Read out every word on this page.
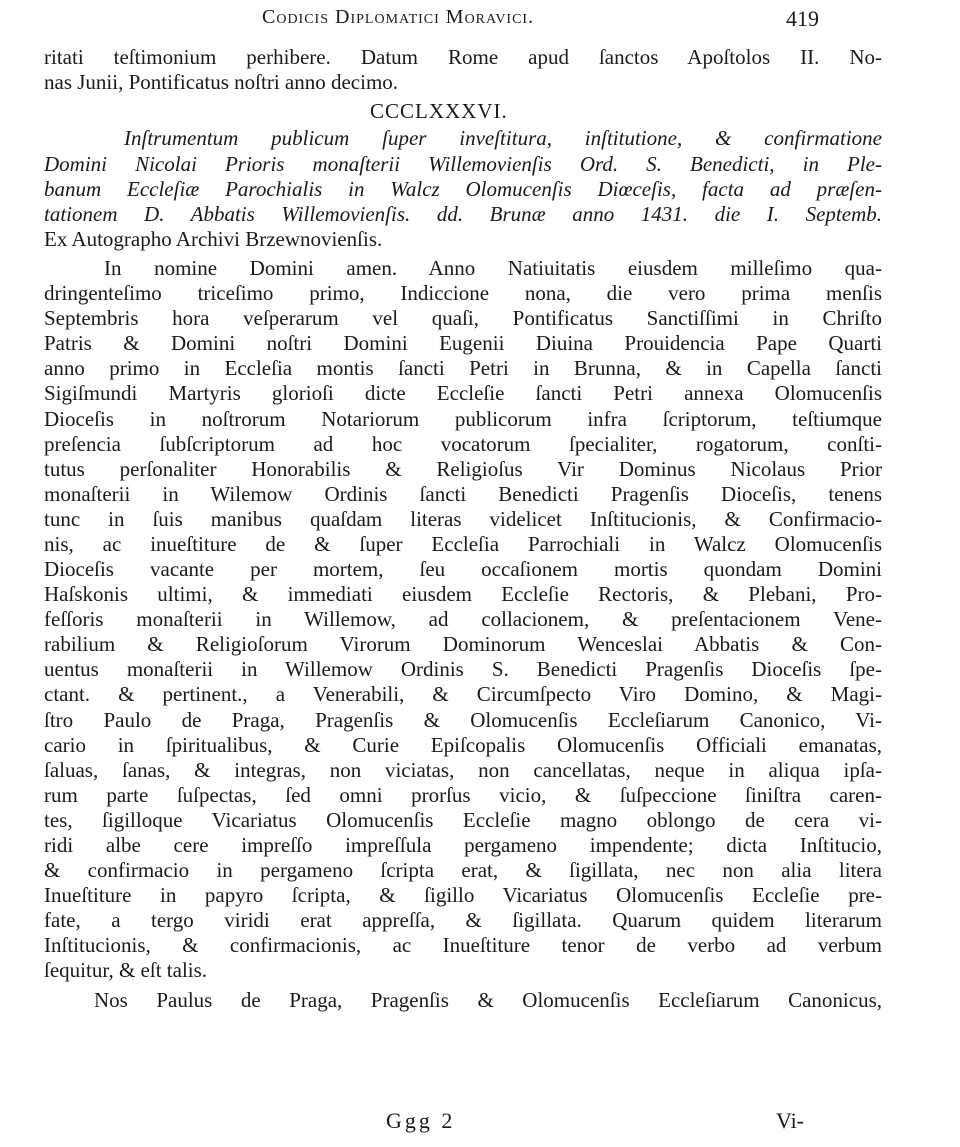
Codicis Diplomatici Moravici.	419
ritati teſtimonium perhibere. Datum Rome apud ſanctos Apoſtolos II. No-
nas Junii, Pontificatus noſtri anno decimo.
CCCLXXXVI.
Inſtrumentum publicum ſuper inveſtitura, inſtitutione, & confirmatione
Domini Nicolai Prioris monaſterii Willemovienſis Ord. S. Benedicti, in Ple-
banum Eccleſiæ Parochialis in Walcz Olomucenſis Diœceſis, facta ad præſen-
tationem D. Abbatis Willemovienſis. dd. Brunæ anno 1431. die I. Septemb.
Ex Autographo Archivi Brzewnovienſis.
In nomine Domini amen. Anno Natiuitatis eiusdem milleſimo qua-
dringenteſimo triceſimo primo, Indiccione nona, die vero prima menſis
Septembris hora veſperarum vel quaſi, Pontificatus Sanctiſſimi in Chriſto
Patris & Domini noſtri Domini Eugenii Diuina Prouidencia Pape Quarti
anno primo in Eccleſia montis ſancti Petri in Brunna, & in Capella ſancti
Sigiſmundi Martyris glorioſi dicte Eccleſie ſancti Petri annexa Olomucenſis
Dioceſis in noſtrorum Notariorum publicorum infra ſcriptorum, teſtiumque
preſencia ſubſcriptorum ad hoc vocatorum ſpecialiter, rogatorum, conſti-
tutus perſonaliter Honorabilis & Religioſus Vir Dominus Nicolaus Prior
monaſterii in Wilemow Ordinis ſancti Benedicti Pragenſis Dioceſis, tenens
tunc in ſuis manibus quaſdam literas videlicet Inſtitucionis, & Confirmacio-
nis, ac inueſtiture de & ſuper Eccleſia Parrochiali in Walcz Olomucenſis
Dioceſis vacante per mortem, ſeu occaſionem mortis quondam Domini
Haſskonis ultimi, & immediati eiusdem Eccleſie Rectoris, & Plebani, Pro-
feſſoris monaſterii in Willemow, ad collacionem, & preſentacionem Vene-
rabilium & Religioſorum Virorum Dominorum Wenceslai Abbatis & Con-
uentus monaſterii in Willemow Ordinis S. Benedicti Pragenſis Dioceſis ſpe-
ctant. & pertinent., a Venerabili, & Circumſpecto Viro Domino, & Magi-
ſtro Paulo de Praga, Pragenſis & Olomucenſis Eccleſiarum Canonico, Vi-
cario in ſpiritualibus, & Curie Epiſcopalis Olomucenſis Officiali emanatas,
ſaluas, ſanas, & integras, non viciatas, non cancellatas, neque in aliqua ipſa-
rum parte ſuſpectas, ſed omni prorſus vicio, & ſuſpeccione ſiniſtra caren-
tes, ſigilloque Vicariatus Olomucenſis Eccleſie magno oblongo de cera vi-
ridi albe cere impreſſo impreſſula pergameno impendente; dicta Inſtitucio,
& confirmacio in pergameno ſcripta erat, & ſigillata, nec non alia litera
Inueſtiture in papyro ſcripta, & ſigillo Vicariatus Olomucenſis Eccleſie pre-
fate, a tergo viridi erat appreſſa, & ſigillata. Quarum quidem literarum
Inſtitucionis, & confirmacionis, ac Inueſtiture tenor de verbo ad verbum
ſequitur, & eſt talis.
Nos Paulus de Praga, Pragenſis & Olomucenſis Eccleſiarum Canonicus,
Ggg 2	Vi-
